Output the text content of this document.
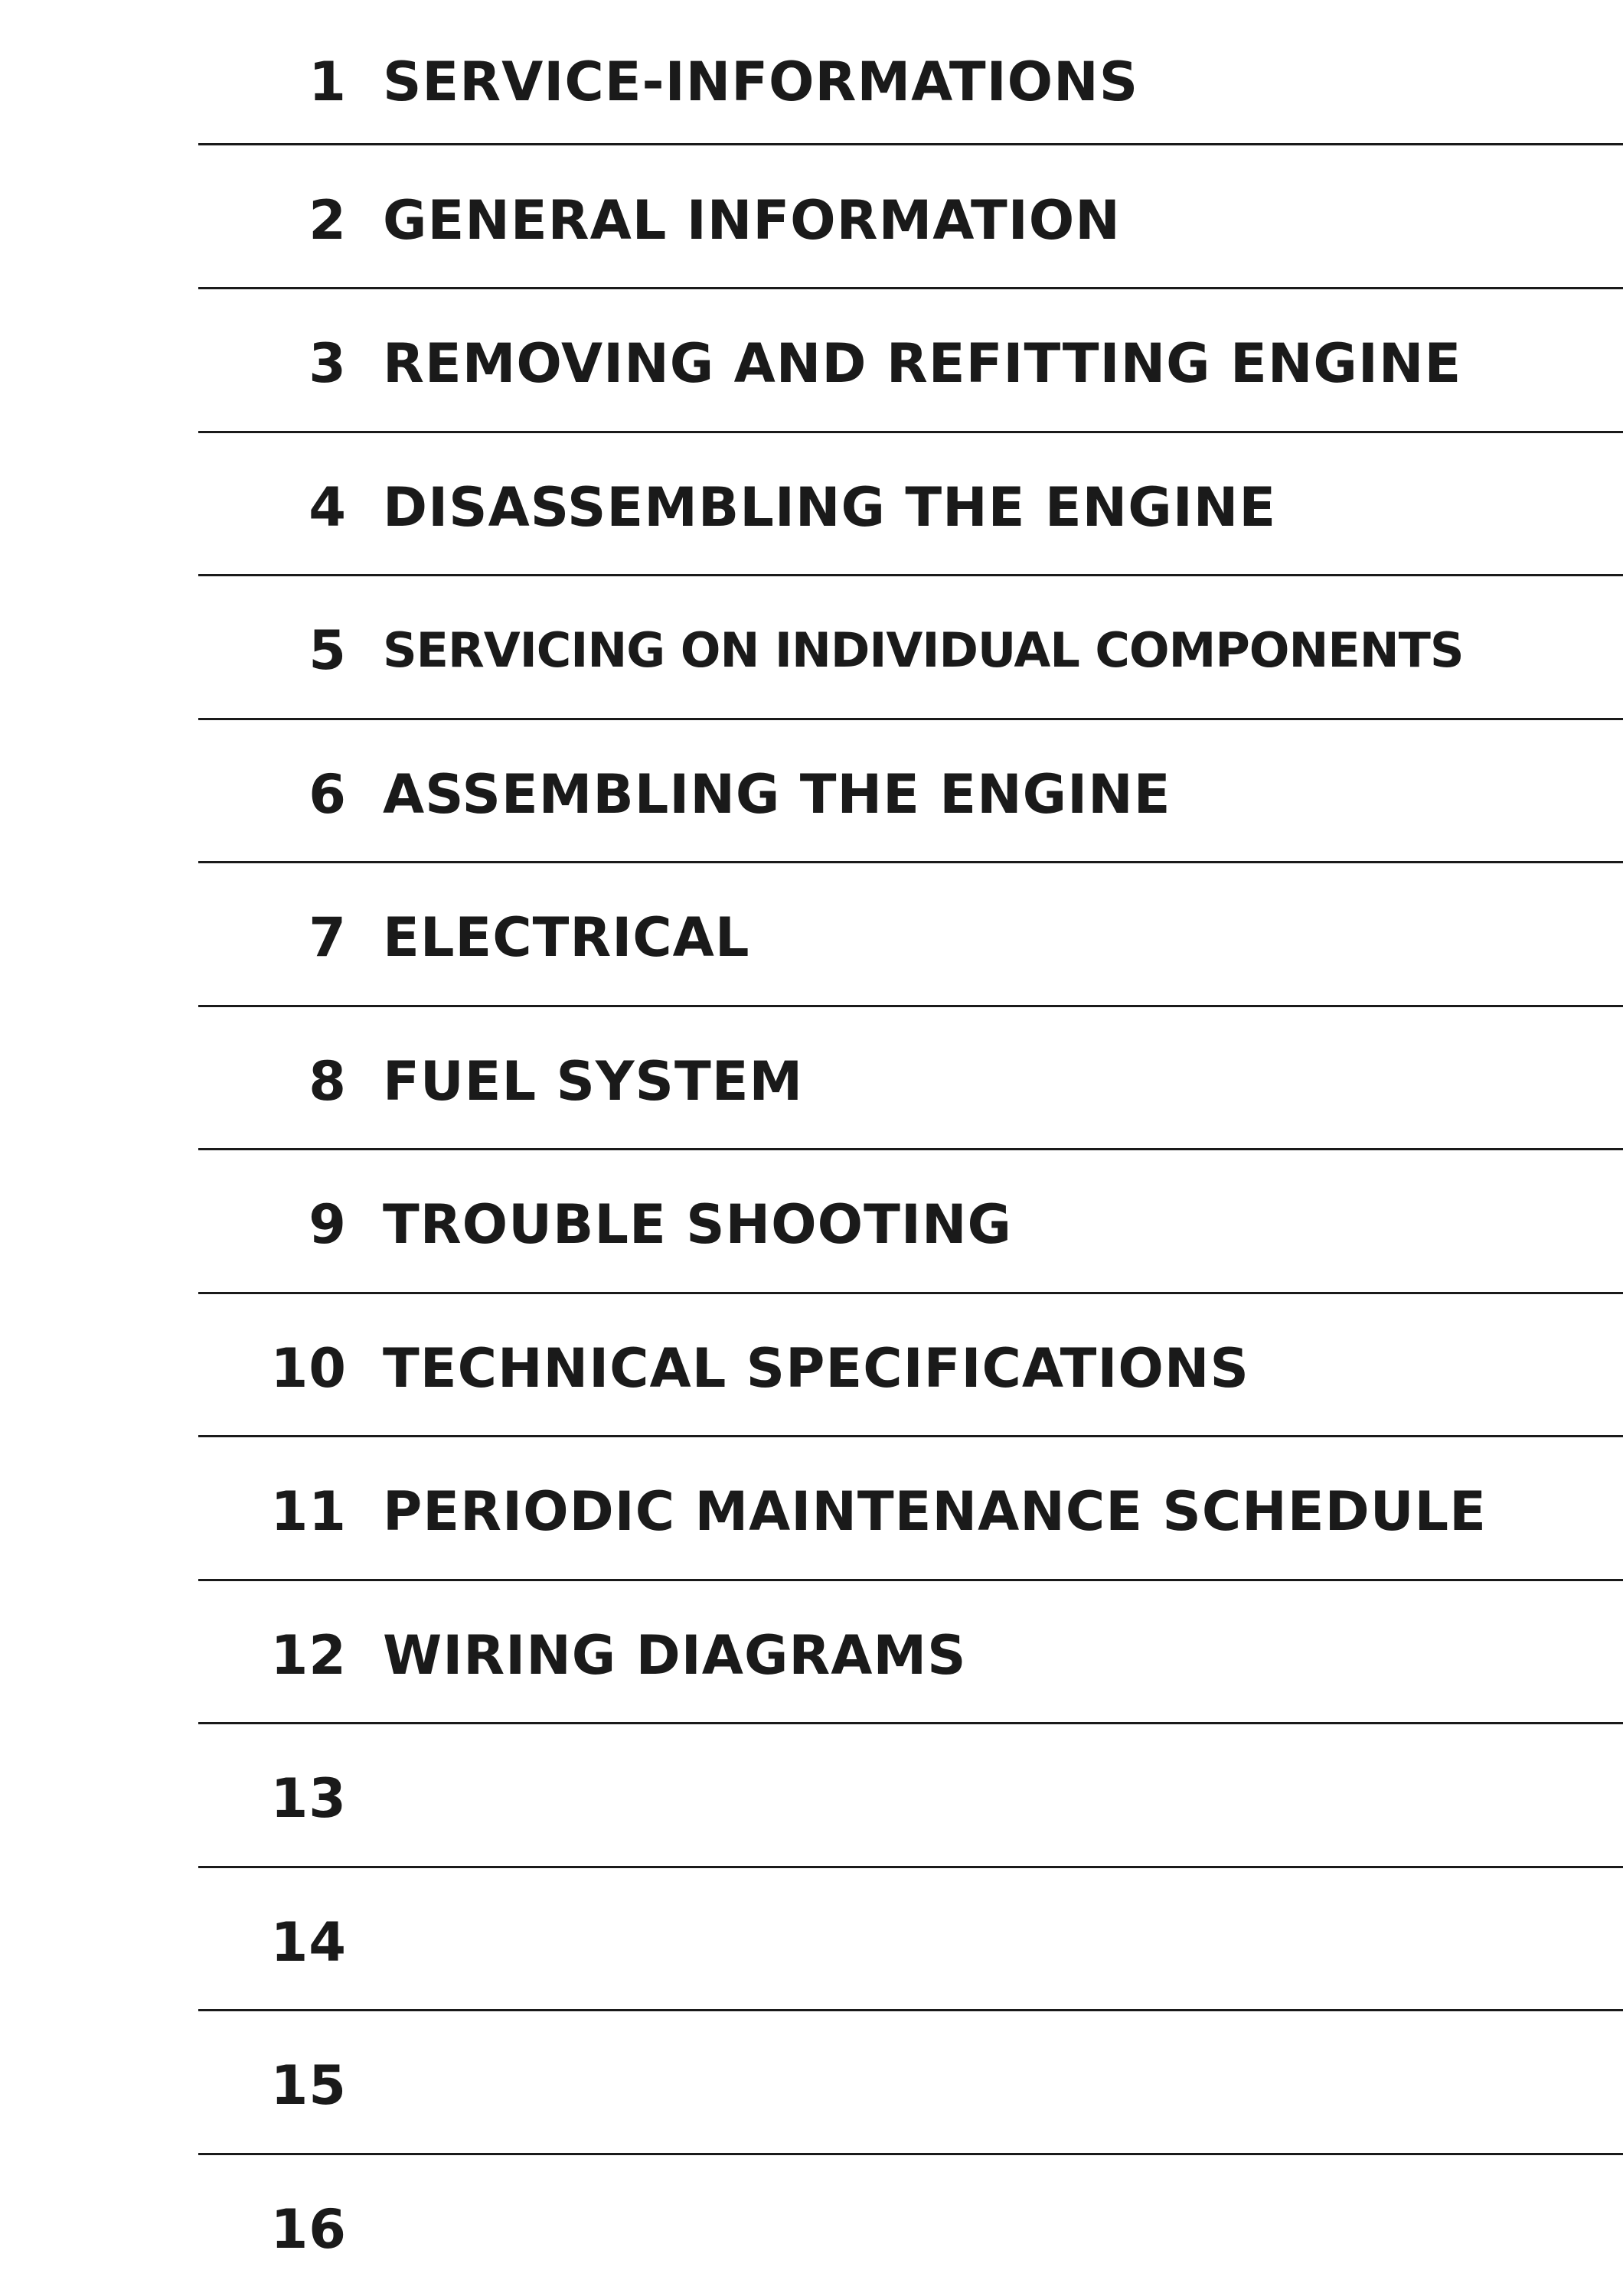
1 SERVICE-INFORMATIONS
2 GENERAL INFORMATION
3 REMOVING AND REFITTING ENGINE
4 DISASSEMBLING THE ENGINE
5 SERVICING ON INDIVIDUAL COMPONENTS
6 ASSEMBLING THE ENGINE
7 ELECTRICAL
8 FUEL SYSTEM
9 TROUBLE SHOOTING
10 TECHNICAL SPECIFICATIONS
11 PERIODIC MAINTENANCE SCHEDULE
12 WIRING DIAGRAMS
13
14
15
16
